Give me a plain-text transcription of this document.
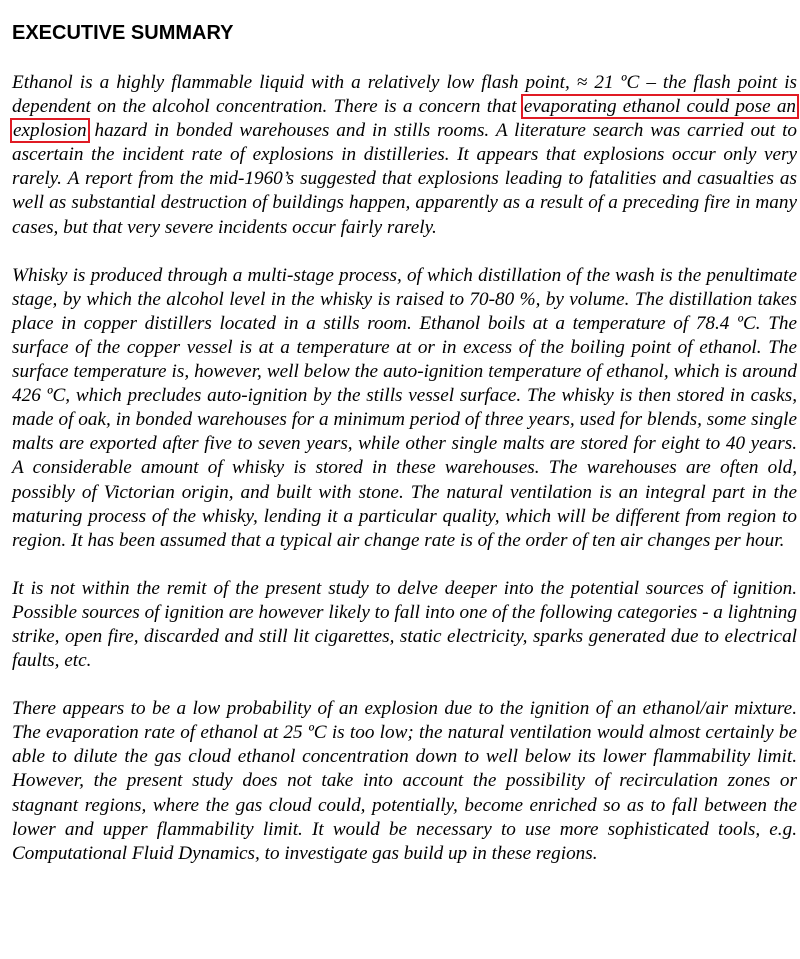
EXECUTIVE SUMMARY

Ethanol is a highly flammable liquid with a relatively low flash point, ≈ 21 ºC – the flash point is dependent on the alcohol concentration. There is a concern that evaporating ethanol could pose an explosion hazard in bonded warehouses and in stills rooms. A literature search was carried out to ascertain the incident rate of explosions in distilleries. It appears that explosions occur only very rarely. A report from the mid-1960’s suggested that explosions leading to fatalities and casualties as well as substantial destruction of buildings happen, apparently as a result of a preceding fire in many cases, but that very severe incidents occur fairly rarely.

Whisky is produced through a multi-stage process, of which distillation of the wash is the penultimate stage, by which the alcohol level in the whisky is raised to 70-80 %, by volume. The distillation takes place in copper distillers located in a stills room. Ethanol boils at a temperature of 78.4 ºC. The surface of the copper vessel is at a temperature at or in excess of the boiling point of ethanol. The surface temperature is, however, well below the auto-ignition temperature of ethanol, which is around 426 ºC, which precludes auto-ignition by the stills vessel surface. The whisky is then stored in casks, made of oak, in bonded warehouses for a minimum period of three years, used for blends, some single malts are exported after five to seven years, while other single malts are stored for eight to 40 years. A considerable amount of whisky is stored in these warehouses. The warehouses are often old, possibly of Victorian origin, and built with stone. The natural ventilation is an integral part in the maturing process of the whisky, lending it a particular quality, which will be different from region to region. It has been assumed that a typical air change rate is of the order of ten air changes per hour.

It is not within the remit of the present study to delve deeper into the potential sources of ignition. Possible sources of ignition are however likely to fall into one of the following categories - a lightning strike, open fire, discarded and still lit cigarettes, static electricity, sparks generated due to electrical faults, etc.

There appears to be a low probability of an explosion due to the ignition of an ethanol/air mixture. The evaporation rate of ethanol at 25 ºC is too low; the natural ventilation would almost certainly be able to dilute the gas cloud ethanol concentration down to well below its lower flammability limit. However, the present study does not take into account the possibility of recirculation zones or stagnant regions, where the gas cloud could, potentially, become enriched so as to fall between the lower and upper flammability limit. It would be necessary to use more sophisticated tools, e.g. Computational Fluid Dynamics, to investigate gas build up in these regions.
